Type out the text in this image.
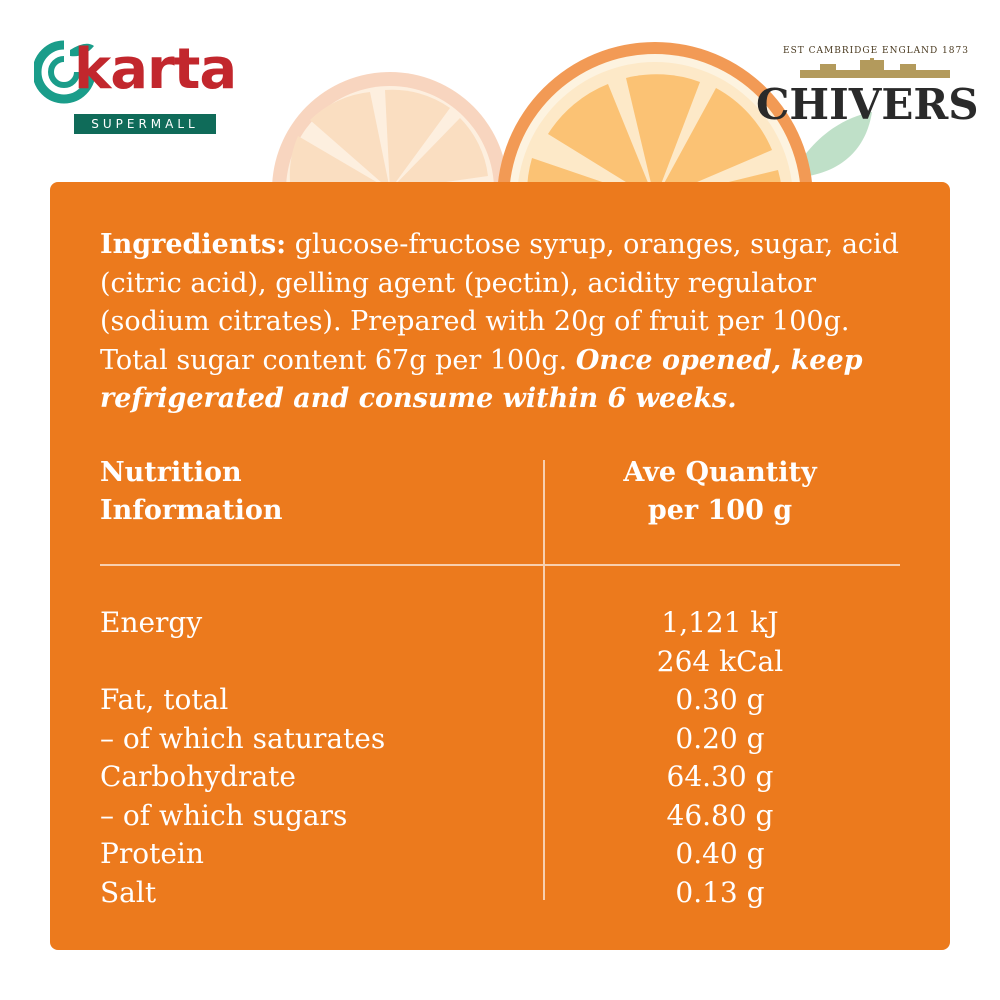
karta
SUPERMALL
EST CAMBRIDGE ENGLAND 1873
CHIVERS

Ingredients: glucose-fructose syrup, oranges, sugar, acid (citric acid), gelling agent (pectin), acidity regulator (sodium citrates). Prepared with 20g of fruit per 100g. Total sugar content 67g per 100g. Once opened, keep refrigerated and consume within 6 weeks.

Nutrition
Information
Ave Quantity
per 100 g
Energy
Fat, total
– of which saturates
Carbohydrate
– of which sugars
Protein
Salt
1,121 kJ
264 kCal
0.30 g
0.20 g
64.30 g
46.80 g
0.40 g
0.13 g
